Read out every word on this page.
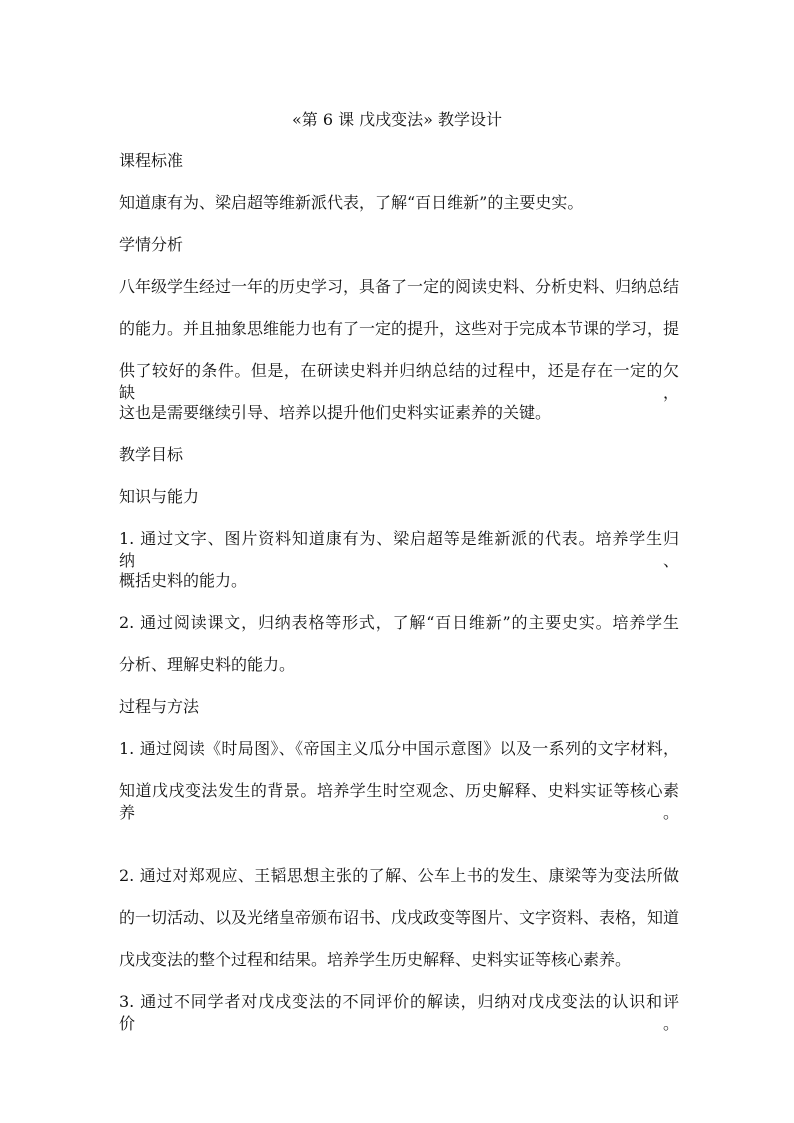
«第 6 课 戊戌变法» 教学设计
课程标准
知道康有为、梁启超等维新派代表，了解“百日维新”的主要史实。
学情分析
八年级学生经过一年的历史学习，具备了一定的阅读史料、分析史料、归纳总结
的能力。并且抽象思维能力也有了一定的提升，这些对于完成本节课的学习，提
供了较好的条件。但是，在研读史料并归纳总结的过程中，还是存在一定的欠缺，
这也是需要继续引导、培养以提升他们史料实证素养的关键。
教学目标
知识与能力
1. 通过文字、图片资料知道康有为、梁启超等是维新派的代表。培养学生归纳、
概括史料的能力。
2. 通过阅读课文，归纳表格等形式，了解“百日维新”的主要史实。培养学生
分析、理解史料的能力。
过程与方法
1. 通过阅读《时局图》、《帝国主义瓜分中国示意图》以及一系列的文字材料，
知道戊戌变法发生的背景。培养学生时空观念、历史解释、史料实证等核心素养。
2. 通过对郑观应、王韬思想主张的了解、公车上书的发生、康梁等为变法所做
的一切活动、以及光绪皇帝颁布诏书、戊戌政变等图片、文字资料、表格，知道
戊戌变法的整个过程和结果。培养学生历史解释、史料实证等核心素养。
3. 通过不同学者对戊戌变法的不同评价的解读，归纳对戊戌变法的认识和评价。
